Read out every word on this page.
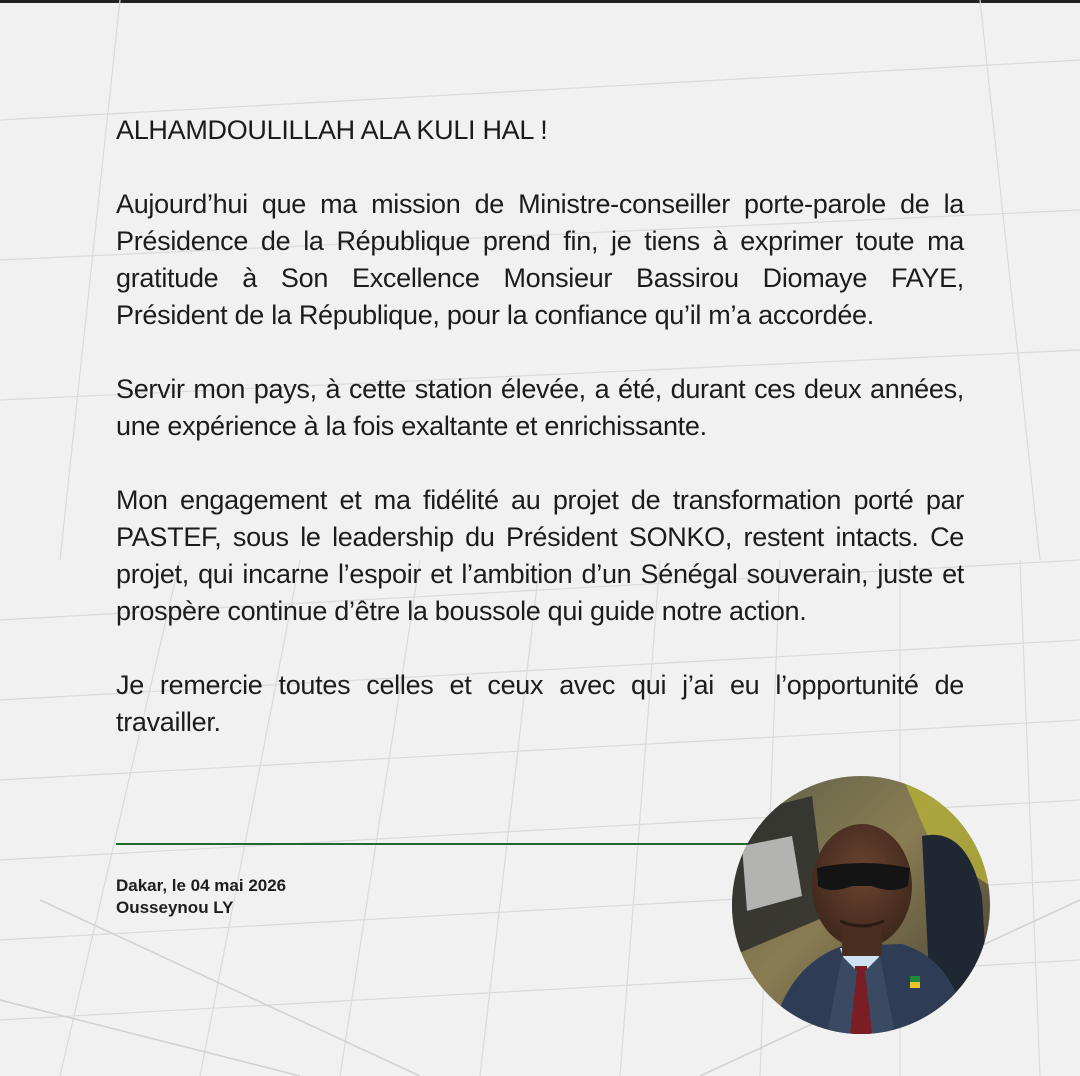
ALHAMDOULILLAH ALA KULI HAL !

Aujourd’hui que ma mission de Ministre-conseiller porte-parole de la Présidence de la République prend fin, je tiens à exprimer toute ma gratitude à Son Excellence Monsieur Bassirou Diomaye FAYE, Président de la République, pour la confiance qu’il m’a accordée.

Servir mon pays, à cette station élevée, a été, durant ces deux années, une expérience à la fois exaltante et enrichissante.

Mon engagement et ma fidélité au projet de transformation porté par PASTEF, sous le leadership du Président SONKO, restent intacts. Ce projet, qui incarne l’espoir et l’ambition d’un Sénégal souverain, juste et prospère continue d’être la boussole qui guide notre action.

Je remercie toutes celles et ceux avec qui j’ai eu l’opportunité de travailler.

Dakar, le 04 mai 2026
Ousseynou LY
